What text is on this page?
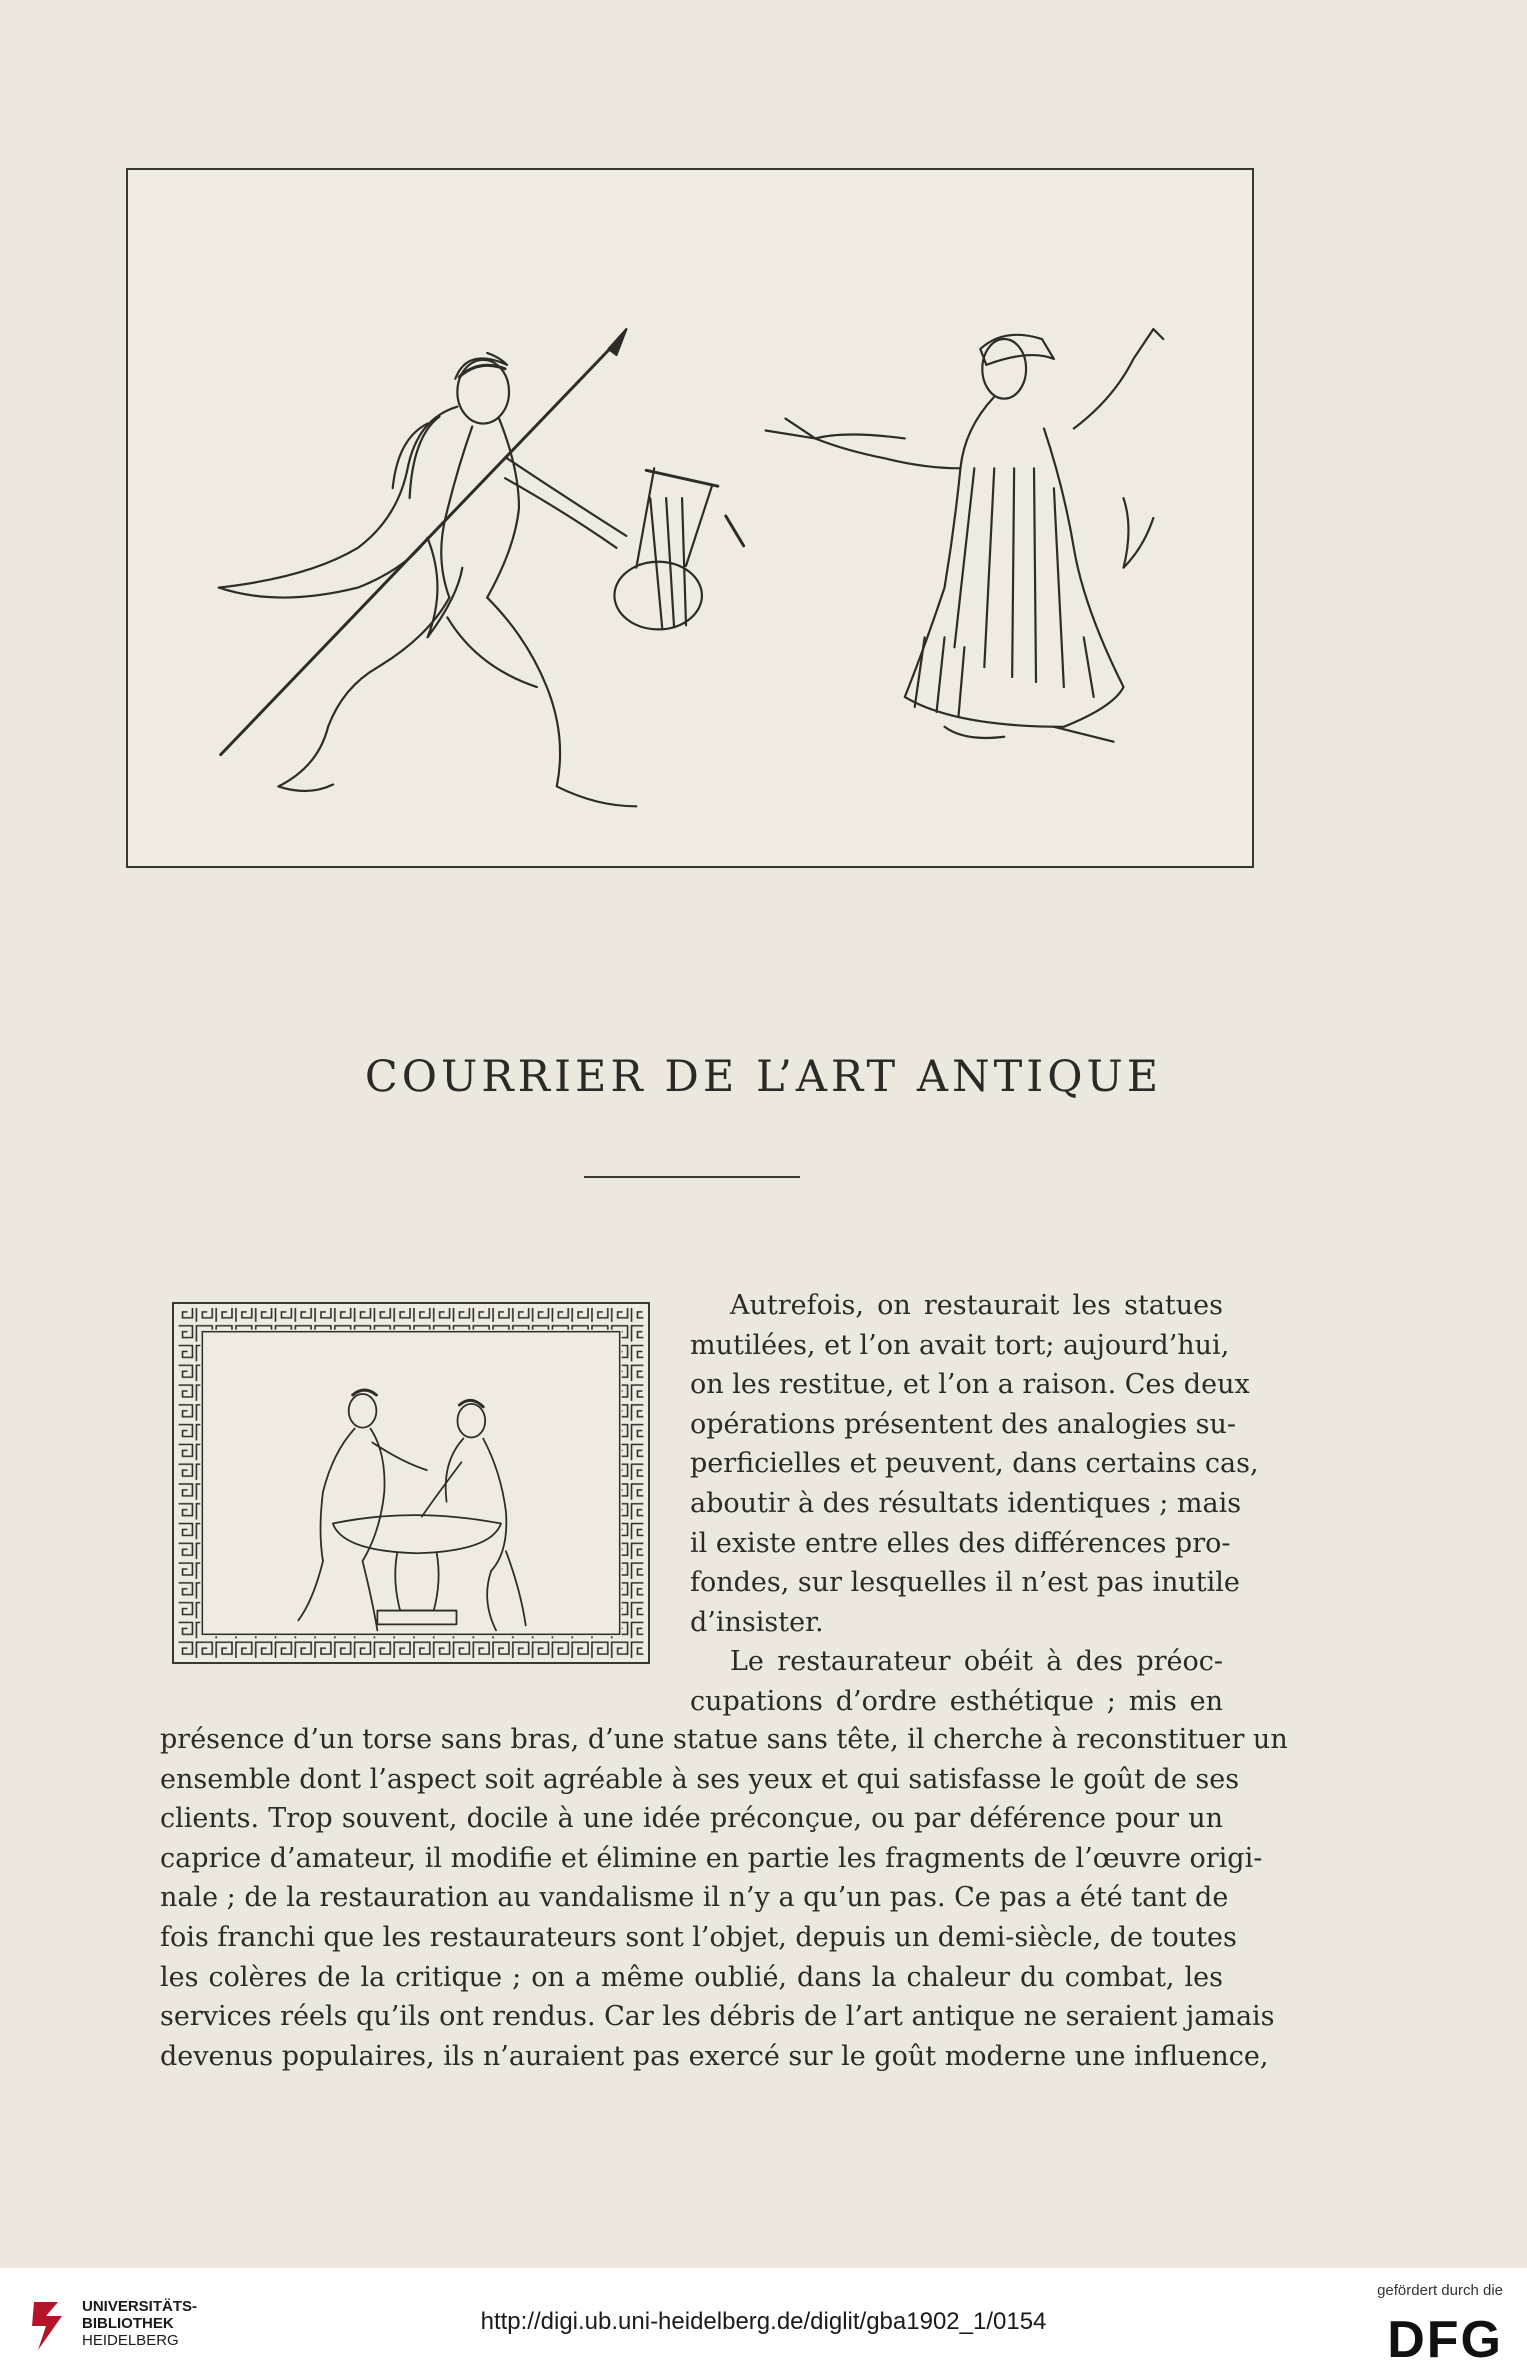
COURRIER DE L’ART ANTIQUE
Autrefois, on restaurait les statues
mutilées, et l’on avait tort; aujourd’hui,
on les restitue, et l’on a raison. Ces deux
opérations présentent des analogies su-
perficielles et peuvent, dans certains cas,
aboutir à des résultats identiques ; mais
il existe entre elles des différences pro-
fondes, sur lesquelles il n’est pas inutile
d’insister.
Le restaurateur obéit à des préoc-
cupations d’ordre esthétique ; mis en
présence d’un torse sans bras, d’une statue sans tête, il cherche à reconstituer un
ensemble dont l’aspect soit agréable à ses yeux et qui satisfasse le goût de ses
clients. Trop souvent, docile à une idée préconçue, ou par déférence pour un
caprice d’amateur, il modifie et élimine en partie les fragments de l’œuvre origi-
nale ; de la restauration au vandalisme il n’y a qu’un pas. Ce pas a été tant de
fois franchi que les restaurateurs sont l’objet, depuis un demi-siècle, de toutes
les colères de la critique ; on a même oublié, dans la chaleur du combat, les
services réels qu’ils ont rendus. Car les débris de l’art antique ne seraient jamais
devenus populaires, ils n’auraient pas exercé sur le goût moderne une influence,
UNIVERSITÄTS-
BIBLIOTHEK
HEIDELBERG
http://digi.ub.uni-heidelberg.de/diglit/gba1902_1/0154
gefördert durch die
DFG
